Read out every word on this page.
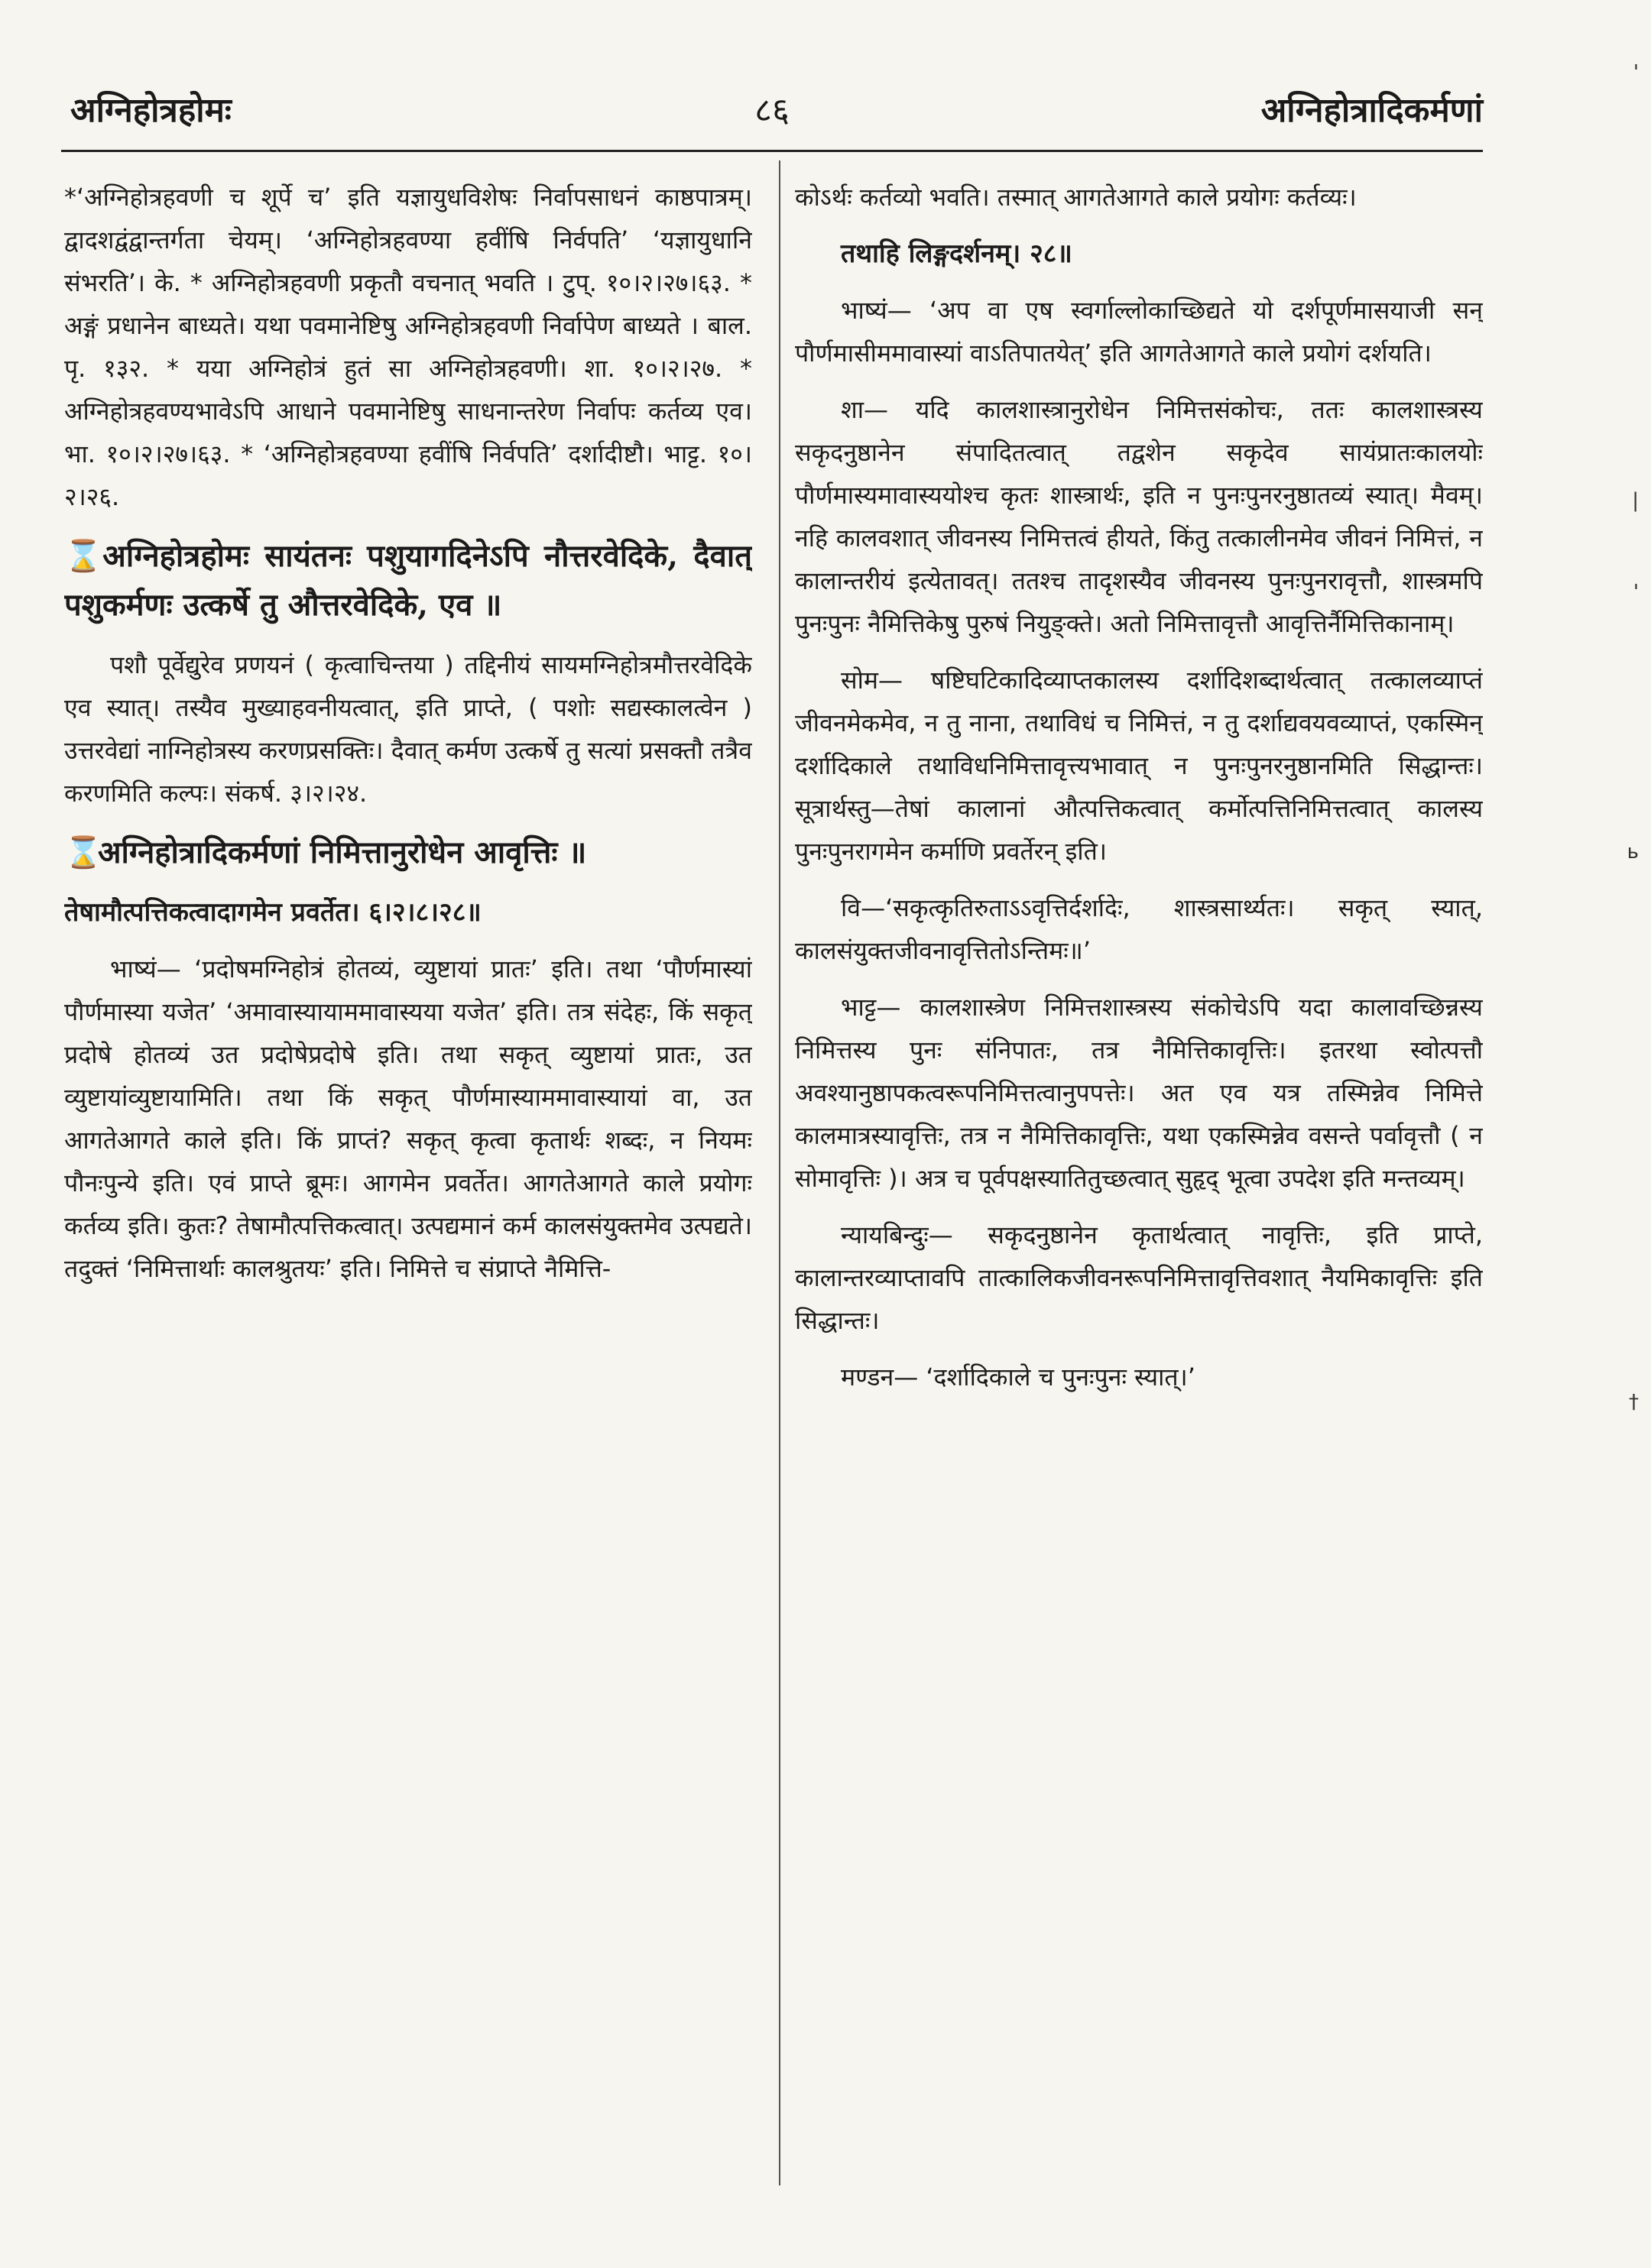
अग्निहोत्रहोमः	८६	अग्निहोत्रादिकर्मणां

*‘अग्निहोत्रहवणी च शूर्पे च’ इति यज्ञायुधविशेषः निर्वापसाधनं काष्ठपात्रम्। द्वादशद्वंद्वान्तर्गता चेयम्। ‘अग्निहोत्रहवण्या हवींषि निर्वपति’ ‘यज्ञायुधानि संभरति’। के. * अग्निहोत्रहवणी प्रकृतौ वचनात् भवति । टुप्. १०।२।२७।६३. * अङ्गं प्रधानेन बाध्यते। यथा पवमानेष्टिषु अग्निहोत्रहवणी निर्वापेण बाध्यते । बाल. पृ. १३२. * यया अग्निहोत्रं हुतं सा अग्निहोत्रहवणी। शा. १०।२।२७. * अग्निहोत्रहवण्यभावेऽपि आधाने पवमानेष्टिषु साधनान्तरेण निर्वापः कर्तव्य एव। भा. १०।२।२७।६३. * ‘अग्निहोत्रहवण्या हवींषि निर्वपति’ दर्शादीष्टौ। भाट्ट. १०।२।२६.

⌛ अग्निहोत्रहोमः सायंतनः पशुयागदिनेऽपि नौत्तरवेदिके, दैवात् पशुकर्मणः उत्कर्षे तु औत्तरवेदिके, एव ॥

पशौ पूर्वेद्युरेव प्रणयनं ( कृत्वाचिन्तया ) तद्दिनीयं सायमग्निहोत्रमौत्तरवेदिके एव स्यात्। तस्यैव मुख्याहवनीयत्वात्, इति प्राप्ते, ( पशोः सद्यस्कालत्वेन ) उत्तरवेद्यां नाग्निहोत्रस्य करणप्रसक्तिः। दैवात् कर्मण उत्कर्षे तु सत्यां प्रसक्तौ तत्रैव करणमिति कल्पः। संकर्ष. ३।२।२४.

⌛ अग्निहोत्रादिकर्मणां निमित्तानुरोधेन आवृत्तिः ॥

तेषामौत्पत्तिकत्वादागमेन प्रवर्तेत। ६।२।८।२८॥

भाष्यं— ‘प्रदोषमग्निहोत्रं होतव्यं, व्युष्टायां प्रातः’ इति। तथा ‘पौर्णमास्यां पौर्णमास्या यजेत’ ‘अमावास्यायाममावास्यया यजेत’ इति। तत्र संदेहः, किं सकृत् प्रदोषे होतव्यं उत प्रदोषेप्रदोषे इति। तथा सकृत् व्युष्टायां प्रातः, उत व्युष्टायांव्युष्टायामिति। तथा किं सकृत् पौर्णमास्याममावास्यायां वा, उत आगतेआगते काले इति। किं प्राप्तं? सकृत् कृत्वा कृतार्थः शब्दः, न नियमः पौनःपुन्ये इति। एवं प्राप्ते ब्रूमः। आगमेन प्रवर्तेत। आगतेआगते काले प्रयोगः कर्तव्य इति। कुतः? तेषामौत्पत्तिकत्वात्। उत्पद्यमानं कर्म कालसंयुक्तमेव उत्पद्यते। तदुक्तं ‘निमित्तार्थाः कालश्रुतयः’ इति। निमित्ते च संप्राप्ते नैमित्ति-

कोऽर्थः कर्तव्यो भवति। तस्मात् आगतेआगते काले प्रयोगः कर्तव्यः।

तथाहि लिङ्गदर्शनम्। २८॥

भाष्यं— ‘अप वा एष स्वर्गाल्लोकाच्छिद्यते यो दर्शपूर्णमासयाजी सन् पौर्णमासीममावास्यां वाऽतिपातयेत्’ इति आगतेआगते काले प्रयोगं दर्शयति।

शा— यदि कालशास्त्रानुरोधेन निमित्तसंकोचः, ततः कालशास्त्रस्य सकृदनुष्ठानेन संपादितत्वात् तद्वशेन सकृदेव सायंप्रातःकालयोः पौर्णमास्यमावास्ययोश्च कृतः शास्त्रार्थः, इति न पुनःपुनरनुष्ठातव्यं स्यात्। मैवम्। नहि कालवशात् जीवनस्य निमित्तत्वं हीयते, किंतु तत्कालीनमेव जीवनं निमित्तं, न कालान्तरीयं इत्येतावत्। ततश्च तादृशस्यैव जीवनस्य पुनःपुनरावृत्तौ, शास्त्रमपि पुनःपुनः नैमित्तिकेषु पुरुषं नियुङ्क्ते। अतो निमित्तावृत्तौ आवृत्तिर्नैमित्तिकानाम्।

सोम— षष्टिघटिकादिव्याप्तकालस्य दर्शादिशब्दार्थत्वात् तत्कालव्याप्तं जीवनमेकमेव, न तु नाना, तथाविधं च निमित्तं, न तु दर्शाद्यवयवव्याप्तं, एकस्मिन् दर्शादिकाले तथाविधनिमित्तावृत्त्यभावात् न पुनःपुनरनुष्ठानमिति सिद्धान्तः। सूत्रार्थस्तु—तेषां कालानां औत्पत्तिकत्वात् कर्मोत्पत्तिनिमित्तत्वात् कालस्य पुनःपुनरागमेन कर्माणि प्रवर्तेरन् इति।

वि—‘सकृत्कृतिरुताऽऽवृत्तिर्दर्शादेः, शास्त्रसार्थ्यतः। सकृत् स्यात्, कालसंयुक्तजीवनावृत्तितोऽन्तिमः॥’

भाट्ट— कालशास्त्रेण निमित्तशास्त्रस्य संकोचेऽपि यदा कालावच्छिन्नस्य निमित्तस्य पुनः संनिपातः, तत्र नैमित्तिकावृत्तिः। इतरथा स्वोत्पत्तौ अवश्यानुष्ठापकत्वरूपनिमित्तत्वानुपपत्तेः। अत एव यत्र तस्मिन्नेव निमित्ते कालमात्रस्यावृत्तिः, तत्र न नैमित्तिकावृत्तिः, यथा एकस्मिन्नेव वसन्ते पर्वावृत्तौ ( न सोमावृत्तिः )। अत्र च पूर्वपक्षस्यातितुच्छत्वात् सुहृद् भूत्वा उपदेश इति मन्तव्यम्।

न्यायबिन्दुः— सकृदनुष्ठानेन कृतार्थत्वात् नावृत्तिः, इति प्राप्ते, कालान्तरव्याप्तावपि तात्कालिकजीवनरूपनिमित्तावृत्तिवशात् नैयमिकावृत्तिः इति सिद्धान्तः।

मण्डन— ‘दर्शादिकाले च पुनःपुनः स्यात्।’

'
|
'
ь
†
